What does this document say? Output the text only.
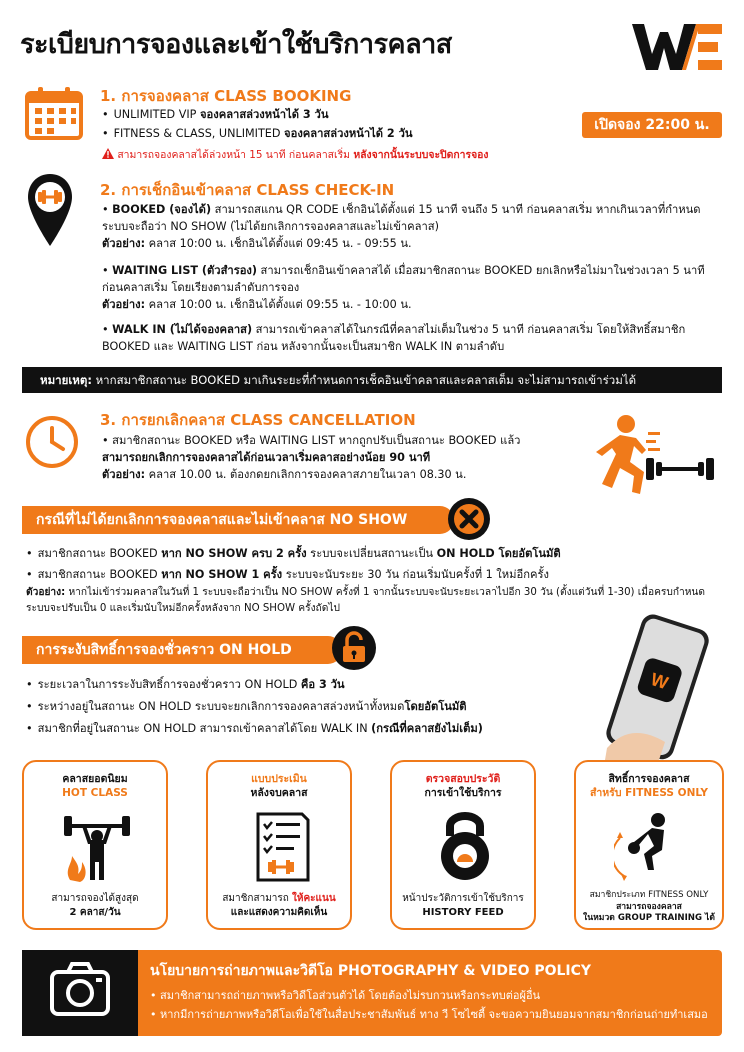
ระเบียบการจองและเข้าใช้บริการคลาส
1. การจองคลาส CLASS BOOKING
• UNLIMITED VIP จองคลาสล่วงหน้าได้ 3 วัน
• FITNESS & CLASS, UNLIMITED จองคลาสล่วงหน้าได้ 2 วัน
สามารถจองคลาสได้ล่วงหน้า 15 นาที ก่อนคลาสเริ่ม หลังจากนั้นระบบจะปิดการจอง
เปิดจอง 22:00 น.
2. การเช็กอินเข้าคลาส CLASS CHECK-IN
• BOOKED (จองได้) สามารถสแกน QR CODE เช็กอินได้ตั้งแต่ 15 นาที จนถึง 5 นาที ก่อนคลาสเริ่ม หากเกินเวลาที่กำหนด
ระบบจะถือว่า NO SHOW (ไม่ได้ยกเลิกการจองคลาสและไม่เข้าคลาส)
ตัวอย่าง: คลาส 10:00 น. เช็กอินได้ตั้งแต่ 09:45 น. - 09:55 น.
• WAITING LIST (ตัวสำรอง) สามารถเช็กอินเข้าคลาสได้ เมื่อสมาชิกสถานะ BOOKED ยกเลิกหรือไม่มาในช่วงเวลา 5 นาที
ก่อนคลาสเริ่ม โดยเรียงตามลำดับการจอง
ตัวอย่าง: คลาส 10:00 น. เช็กอินได้ตั้งแต่ 09:55 น. - 10:00 น.
• WALK IN (ไม่ได้จองคลาส) สามารถเข้าคลาสได้ในกรณีที่คลาสไม่เต็มในช่วง 5 นาที ก่อนคลาสเริ่ม โดยให้สิทธิ์สมาชิก
BOOKED และ WAITING LIST ก่อน หลังจากนั้นจะเป็นสมาชิก WALK IN ตามลำดับ
หมายเหตุ: หากสมาชิกสถานะ BOOKED มาเกินระยะที่กำหนดการเช็คอินเข้าคลาสและคลาสเต็ม จะไม่สามารถเข้าร่วมได้
3. การยกเลิกคลาส CLASS CANCELLATION
• สมาชิกสถานะ BOOKED หรือ WAITING LIST หากถูกปรับเป็นสถานะ BOOKED แล้ว
สามารถยกเลิกการจองคลาสได้ก่อนเวลาเริ่มคลาสอย่างน้อย 90 นาที
ตัวอย่าง: คลาส 10.00 น. ต้องกดยกเลิกการจองคลาสภายในเวลา 08.30 น.
กรณีที่ไม่ได้ยกเลิกการจองคลาสและไม่เข้าคลาส NO SHOW
• สมาชิกสถานะ BOOKED หาก NO SHOW ครบ 2 ครั้ง ระบบจะเปลี่ยนสถานะเป็น ON HOLD โดยอัตโนมัติ
• สมาชิกสถานะ BOOKED หาก NO SHOW 1 ครั้ง ระบบจะนับระยะ 30 วัน ก่อนเริ่มนับครั้งที่ 1 ใหม่อีกครั้ง
ตัวอย่าง: หากไม่เข้าร่วมคลาสในวันที่ 1 ระบบจะถือว่าเป็น NO SHOW ครั้งที่ 1 จากนั้นระบบจะนับระยะเวลาไปอีก 30 วัน (ตั้งแต่วันที่ 1-30) เมื่อครบกำหนด
ระบบจะปรับเป็น 0 และเริ่มนับใหม่อีกครั้งหลังจาก NO SHOW ครั้งถัดไป
การระงับสิทธิ์การจองชั่วคราว ON HOLD
• ระยะเวลาในการระงับสิทธิ์การจองชั่วคราว ON HOLD คือ 3 วัน
• ระหว่างอยู่ในสถานะ ON HOLD ระบบจะยกเลิกการจองคลาสล่วงหน้าทั้งหมดโดยอัตโนมัติ
• สมาชิกที่อยู่ในสถานะ ON HOLD สามารถเข้าคลาสได้โดย WALK IN (กรณีที่คลาสยังไม่เต็ม)
W
คลาสยอดนิยม
HOT CLASS
สามารถจองได้สูงสุด
2 คลาส/วัน
แบบประเมิน
หลังจบคลาส
สมาชิกสามารถ ให้คะแนน
และแสดงความคิดเห็น
ตรวจสอบประวัติ
การเข้าใช้บริการ
หน้าประวัติการเข้าใช้บริการ
HISTORY FEED
สิทธิ์การจองคลาส
สำหรับ FITNESS ONLY
สมาชิกประเภท FITNESS ONLY
สามารถจองคลาส
ในหมวด GROUP TRAINING ได้
นโยบายการถ่ายภาพและวิดีโอ PHOTOGRAPHY & VIDEO POLICY
• สมาชิกสามารถถ่ายภาพหรือวิดีโอส่วนตัวได้ โดยต้องไม่รบกวนหรือกระทบต่อผู้อื่น
• หากมีการถ่ายภาพหรือวิดีโอเพื่อใช้ในสื่อประชาสัมพันธ์ ทาง วี โซไซตี้ จะขอความยินยอมจากสมาชิกก่อนถ่ายทำเสมอ
